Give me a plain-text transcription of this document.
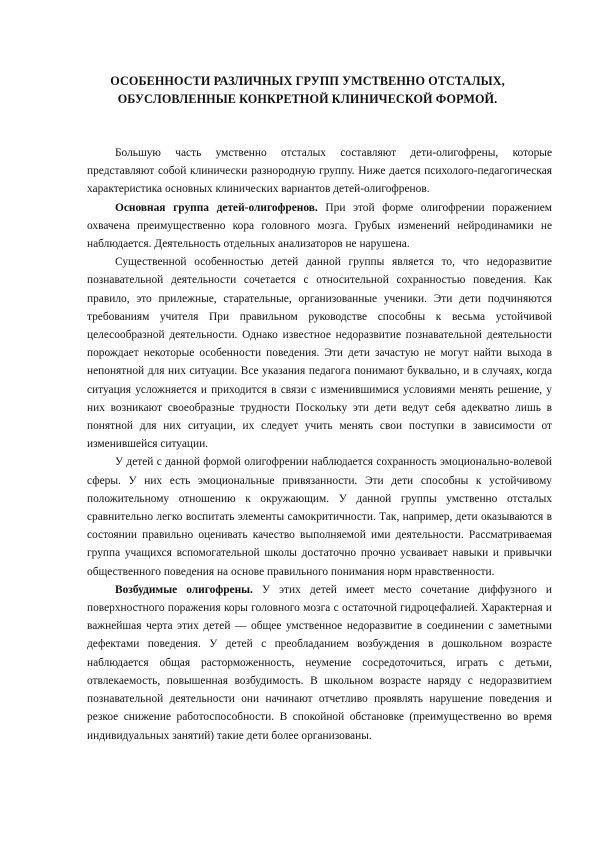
ОСОБЕННОСТИ РАЗЛИЧНЫХ ГРУПП УМСТВЕННО ОТСТАЛЫХ,
ОБУСЛОВЛЕННЫЕ КОНКРЕТНОЙ КЛИНИЧЕСКОЙ ФОРМОЙ.

Большую часть умственно отсталых составляют дети-олигофрены, которые представляют собой клинически разнородную группу. Ниже дается психолого-педагогическая характеристика основных клинических вариантов детей-олигофренов.

Основная группа детей-олигофренов. При этой форме олигофрении поражением охвачена преимущественно кора головного мозга. Грубых изменений нейродинамики не наблюдается. Деятельность отдельных анализаторов не нарушена.

Существенной особенностью детей данной группы является то, что недоразвитие познавательной деятельности сочетается с относительной сохранностью поведения. Как правило, это прилежные, старательные, организованные ученики. Эти дети подчиняются требованиям учителя При правильном руководстве способны к весьма устойчивой целесообразной деятельности. Однако известное недоразвитие познавательной деятельности порождает некоторые особенности поведения. Эти дети зачастую не могут найти выхода в непонятной для них ситуации. Все указания педагога понимают буквально, и в случаях, когда ситуация усложняется и приходится в связи с изменившимися условиями менять решение, у них возникают своеобразные трудности Поскольку эти дети ведут себя адекватно лишь в понятной для них ситуации, их следует учить менять свои поступки в зависимости от изменившейся ситуации.

У детей с данной формой олигофрении наблюдается сохранность эмоционально-волевой сферы. У них есть эмоциональные привязанности. Эти дети способны к устойчивому положительному отношению к окружающим. У данной группы умственно отсталых сравнительно легко воспитать элементы самокритичности. Так, например, дети оказываются в состоянии правильно оценивать качество выполняемой ими деятельности. Рассматриваемая группа учащихся вспомогательной школы достаточно прочно усваивает навыки и привычки общественного поведения на основе правильного понимания норм нравственности.

Возбудимые олигофрены. У этих детей имеет место сочетание диффузного и поверхностного поражения коры головного мозга с остаточной гидроцефалией. Характерная и важнейшая черта этих детей — общее умственное недоразвитие в соединении с заметными дефектами поведения. У детей с преобладанием возбуждения в дошкольном возрасте наблюдается общая расторможенность, неумение сосредоточиться, играть с детьми, отвлекаемость, повышенная возбудимость. В школьном возрасте наряду с недоразвитием познавательной деятельности они начинают отчетливо проявлять нарушение поведения и резкое снижение работоспособности. В спокойной обстановке (преимущественно во время индивидуальных занятий) такие дети более организованы.
